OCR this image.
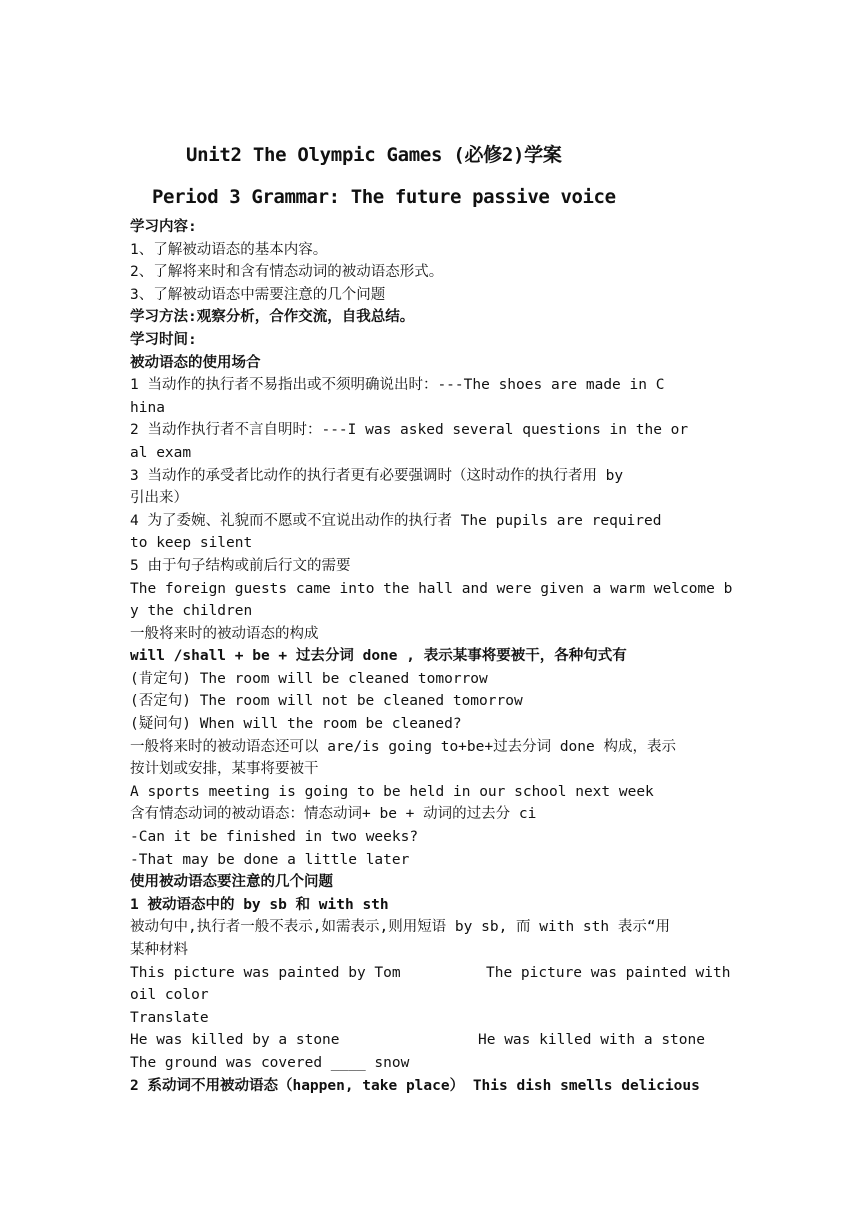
Unit2 The Olympic Games (必修2)学案
Period 3 Grammar: The future passive voice
学习内容:
1、了解被动语态的基本内容。
2、了解将来时和含有情态动词的被动语态形式。
3、了解被动语态中需要注意的几个问题
学习方法:观察分析，合作交流，自我总结。
学习时间:
被动语态的使用场合
1 当动作的执行者不易指出或不须明确说出时：---The shoes are made in C
hina
2 当动作执行者不言自明时：---I was asked several questions in the or
al exam
3 当动作的承受者比动作的执行者更有必要强调时（这时动作的执行者用 by
引出来）
4 为了委婉、礼貌而不愿或不宜说出动作的执行者 The pupils are required
to keep silent
5 由于句子结构或前后行文的需要
The foreign guests came into the hall and were given a warm welcome b
y the children
一般将来时的被动语态的构成
will /shall + be + 过去分词 done , 表示某事将要被干，各种句式有
(肯定句) The room will be cleaned tomorrow
(否定句) The room will not be cleaned tomorrow
(疑问句) When will the room be cleaned?
一般将来时的被动语态还可以 are/is going to+be+过去分词 done 构成，表示
按计划或安排，某事将要被干
A sports meeting is going to be held in our school next week
含有情态动词的被动语态：情态动词+ be + 动词的过去分 ci
-Can it be finished in two weeks?
-That may be done a little later
使用被动语态要注意的几个问题
1 被动语态中的 by sb 和 with sth
被动句中,执行者一般不表示,如需表示,则用短语 by sb, 而 with sth 表示“用
某种材料
This picture was painted by Tom	The picture was painted with
oil color
Translate
He was killed by a stone	He was killed with a stone
The ground was covered ____ snow
2 系动词不用被动语态（happen, take place） This dish smells delicious
